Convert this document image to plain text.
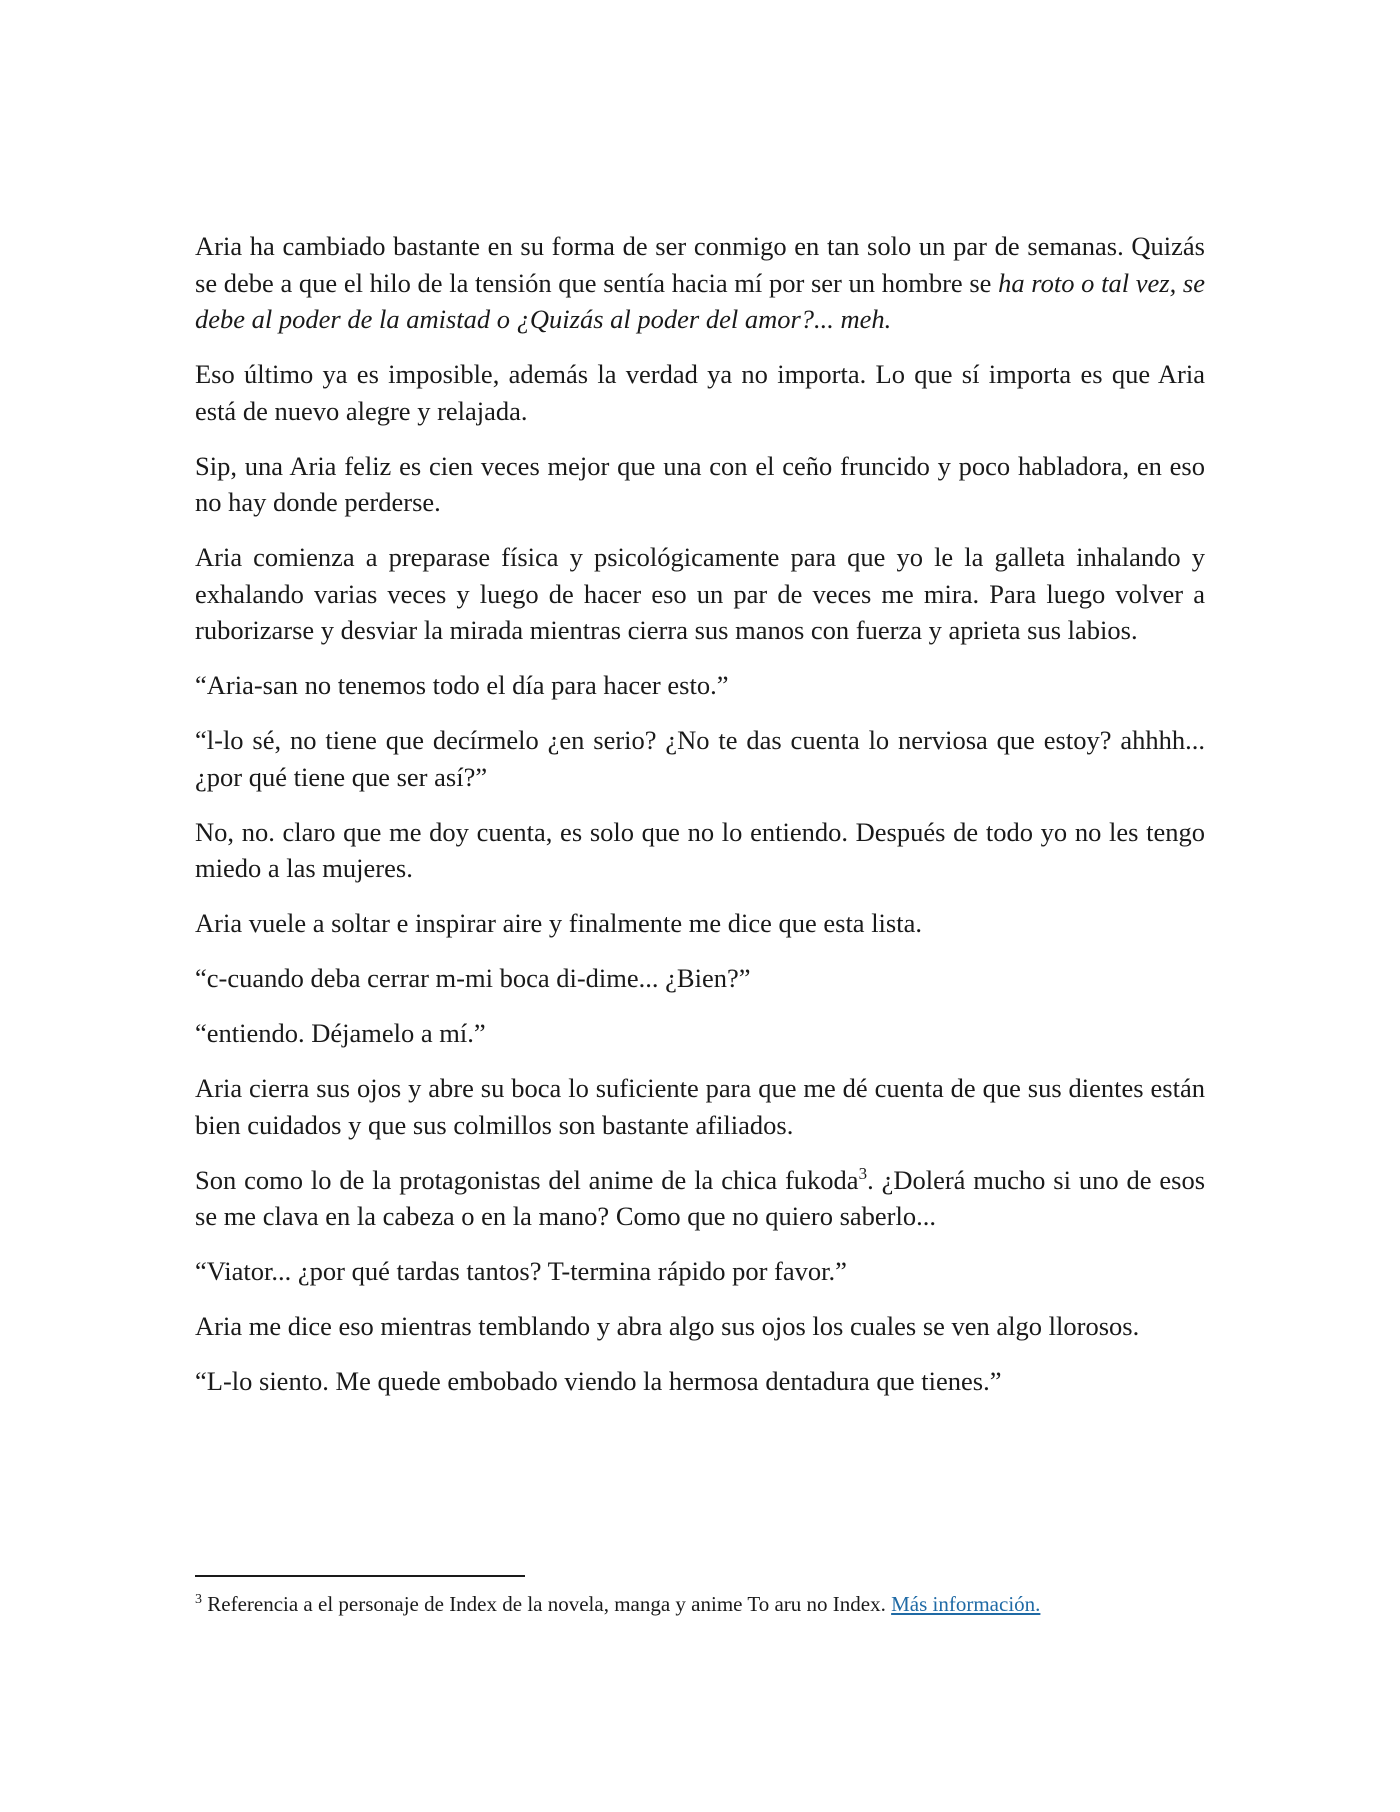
Aria ha cambiado bastante en su forma de ser conmigo en tan solo un par de semanas. Quizás se debe a que el hilo de la tensión que sentía hacia mí por ser un hombre se ha roto o tal vez, se debe al poder de la amistad o ¿Quizás al poder del amor?... meh.

Eso último ya es imposible, además la verdad ya no importa. Lo que sí importa es que Aria está de nuevo alegre y relajada.

Sip, una Aria feliz es cien veces mejor que una con el ceño fruncido y poco habladora, en eso no hay donde perderse.

Aria comienza a preparase física y psicológicamente para que yo le la galleta inhalando y exhalando varias veces y luego de hacer eso un par de veces me mira. Para luego volver a ruborizarse y desviar la mirada mientras cierra sus manos con fuerza y aprieta sus labios.

“Aria-san no tenemos todo el día para hacer esto.”

“l-lo sé, no tiene que decírmelo ¿en serio? ¿No te das cuenta lo nerviosa que estoy? ahhhh... ¿por qué tiene que ser así?”

No, no. claro que me doy cuenta, es solo que no lo entiendo. Después de todo yo no les tengo miedo a las mujeres.

Aria vuele a soltar e inspirar aire y finalmente me dice que esta lista.

“c-cuando deba cerrar m-mi boca di-dime... ¿Bien?”

“entiendo. Déjamelo a mí.”

Aria cierra sus ojos y abre su boca lo suficiente para que me dé cuenta de que sus dientes están bien cuidados y que sus colmillos son bastante afiliados.

Son como lo de la protagonistas del anime de la chica fukoda$^3$. ¿Dolerá mucho si uno de esos se me clava en la cabeza o en la mano? Como que no quiero saberlo...

“Viator... ¿por qué tardas tantos? T-termina rápido por favor.”

Aria me dice eso mientras temblando y abra algo sus ojos los cuales se ven algo llorosos.

“L-lo siento. Me quede embobado viendo la hermosa dentadura que tienes.”

$^3$ Referencia a el personaje de Index de la novela, manga y anime To aru no Index. Más información.
